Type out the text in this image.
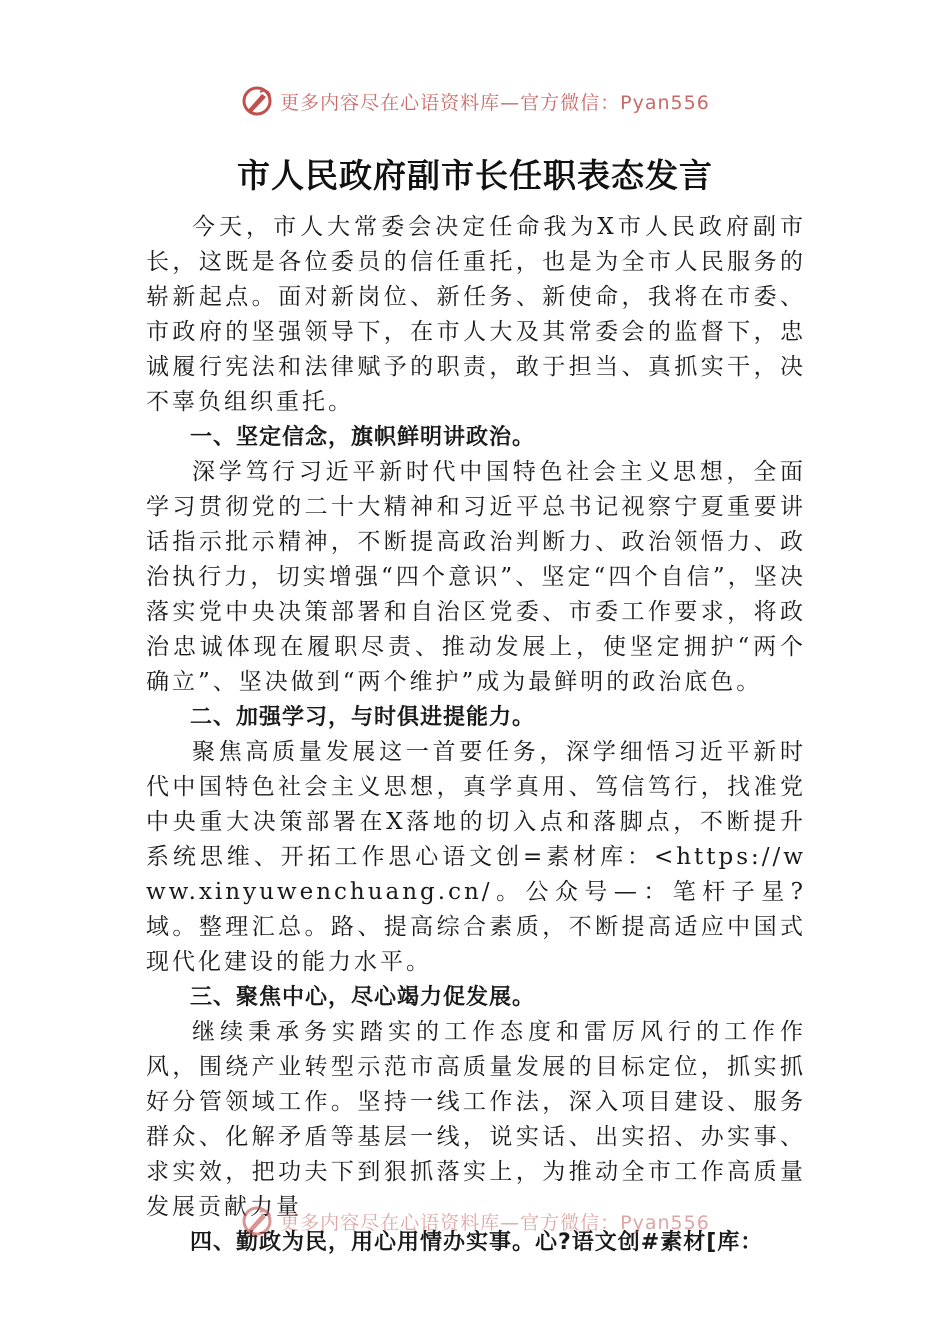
更多内容尽在心语资料库—官方微信：Pyan556
市人民政府副市长任职表态发言

今天，市人大常委会决定任命我为X市人民政府副市长，这既是各位委员的信任重托，也是为全市人民服务的崭新起点。面对新岗位、新任务、新使命，我将在市委、市政府的坚强领导下，在市人大及其常委会的监督下，忠诚履行宪法和法律赋予的职责，敢于担当、真抓实干，决不辜负组织重托。

一、坚定信念，旗帜鲜明讲政治。

深学笃行习近平新时代中国特色社会主义思想，全面学习贯彻党的二十大精神和习近平总书记视察宁夏重要讲话指示批示精神，不断提高政治判断力、政治领悟力、政治执行力，切实增强“四个意识”、坚定“四个自信”，坚决落实党中央决策部署和自治区党委、市委工作要求，将政治忠诚体现在履职尽责、推动发展上，使坚定拥护“两个确立”、坚决做到“两个维护”成为最鲜明的政治底色。

二、加强学习，与时俱进提能力。

聚焦高质量发展这一首要任务，深学细悟习近平新时代中国特色社会主义思想，真学真用、笃信笃行，找准党中央重大决策部署在X落地的切入点和落脚点，不断提升系统思维、开拓工作思心语文创=素材库：<https://www.xinyuwenchuang.cn/。公众号—：笔杆子星?域。整理汇总。路、提高综合素质，不断提高适应中国式现代化建设的能力水平。

三、聚焦中心，尽心竭力促发展。

继续秉承务实踏实的工作态度和雷厉风行的工作作风，围绕产业转型示范市高质量发展的目标定位，抓实抓好分管领域工作。坚持一线工作法，深入项目建设、服务群众、化解矛盾等基层一线，说实话、出实招、办实事、求实效，把功夫下到狠抓落实上，为推动全市工作高质量发展贡献力量

四、勤政为民，用心用情办实事。心?语文创#素材[库：

更多内容尽在心语资料库—官方微信：Pyan556
